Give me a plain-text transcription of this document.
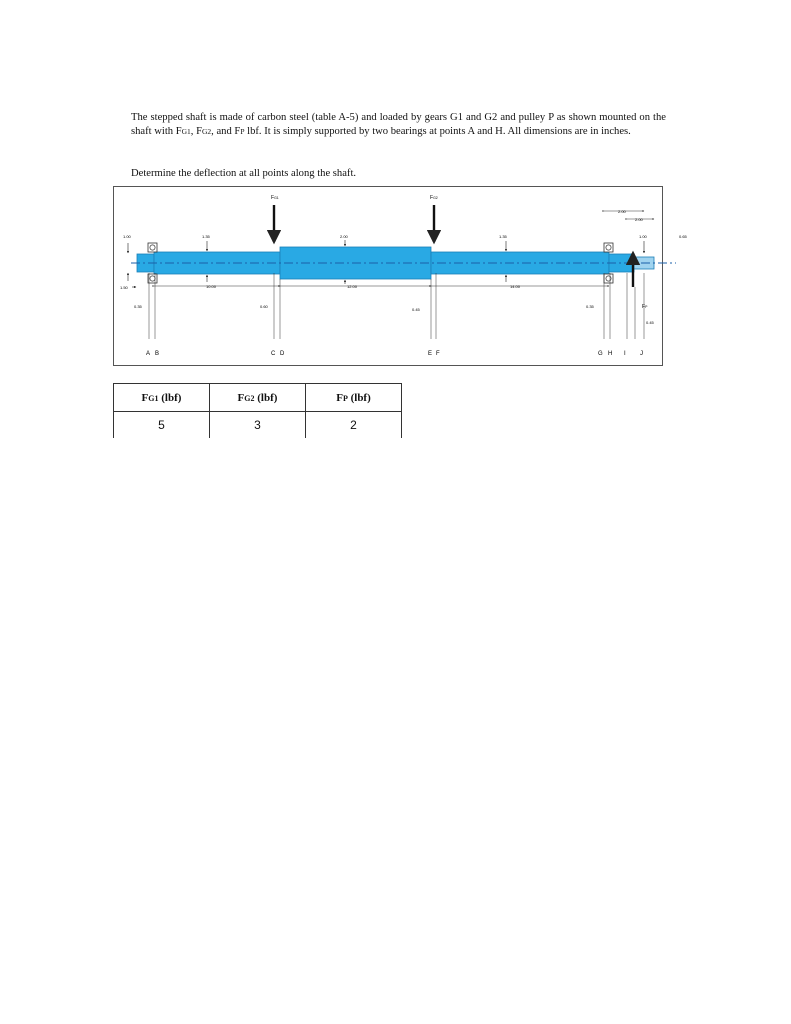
The stepped shaft is made of carbon steel (table A-5) and loaded by gears G1 and G2 and pulley P as shown mounted on the shaft with FG1, FG2, and FP lbf. It is simply supported by two bearings at points A and H. All dimensions are in inches.

Determine the deflection at all points along the shaft.

FG1	FG2
FP
1.00	1.35	2.00	1.35	1.00	0.65
1.50	10.00	12.00	14.00
2.00
2.00
0.35	0.60
0.45
0.35
0.45
A B	C D	E F	G H I J
FG1 (lbf)	FG2 (lbf)	FP (lbf)
5	3	2
